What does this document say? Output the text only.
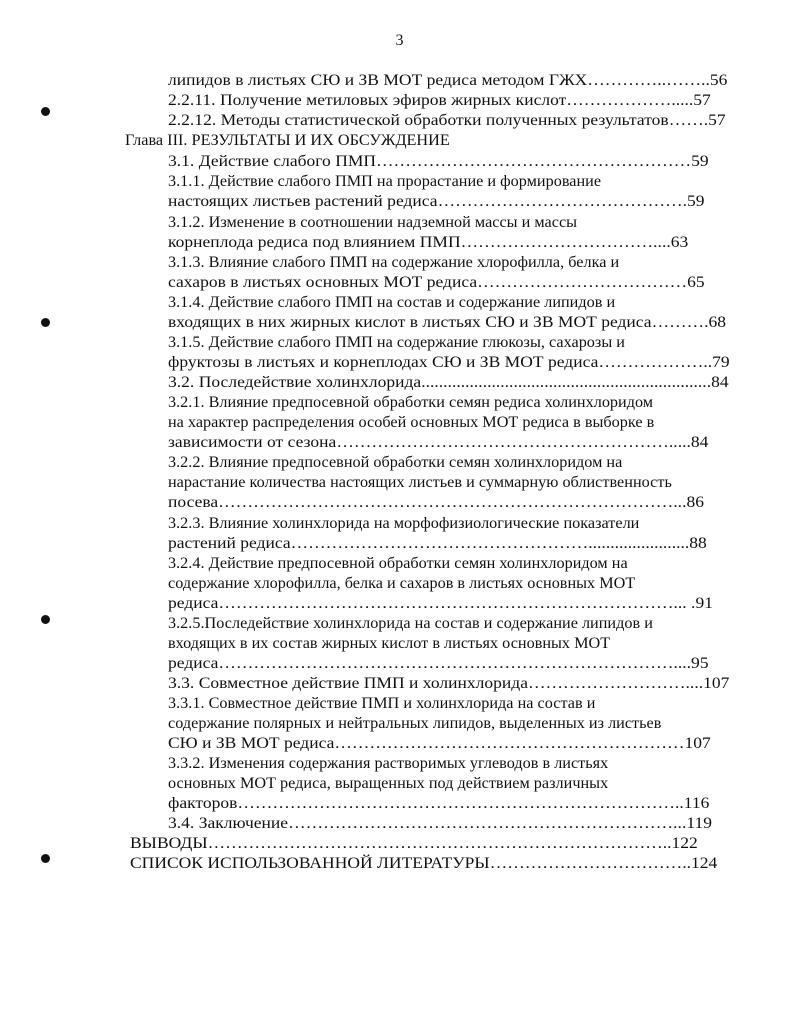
3
липидов в листьях СЮ и ЗВ МОТ редиса методом ГЖХ…………..……..56
2.2.11. Получение метиловых эфиров жирных кислот……………….....57
2.2.12. Методы статистической обработки полученных результатов…….57
Глава III. РЕЗУЛЬТАТЫ И ИХ ОБСУЖДЕНИЕ
3.1. Действие слабого ПМП………………………………………………59
3.1.1. Действие слабого ПМП на прорастание и формирование
настоящих листьев растений редиса…………………………………….59
3.1.2. Изменение в соотношении надземной массы и массы
корнеплода редиса под влиянием ПМП……………………………....63
3.1.3. Влияние слабого ПМП на содержание хлорофилла, белка и
сахаров в листьях основных МОТ редиса………………………………65
3.1.4. Действие слабого ПМП на состав и содержание липидов и
входящих в них жирных кислот в листьях СЮ и ЗВ МОТ редиса……….68
3.1.5. Действие слабого ПМП на содержание глюкозы, сахарозы и
фруктозы в листьях и корнеплодах СЮ и ЗВ МОТ редиса………………..79
3.2. Последействие холинхлорида..................................................................84
3.2.1. Влияние предпосевной обработки семян редиса холинхлоридом
на характер распределения особей основных МОТ редиса в выборке в
зависимости от сезона………………………………………………….....84
3.2.2. Влияние предпосевной обработки семян холинхлоридом на
нарастание количества настоящих листьев и суммарную облиственность
посева……………………………………………………………………...86
3.2.3. Влияние холинхлорида на морфофизиологические показатели
растений редиса…………………………………………….......................88
3.2.4. Действие предпосевной обработки семян холинхлоридом на
содержание хлорофилла, белка и сахаров в листьях основных МОТ
редиса……………………………………………………………………... .91
3.2.5.Последействие холинхлорида на состав и содержание липидов и
входящих в их состав жирных кислот в листьях основных МОТ
редиса……………………………………………………………………....95
3.3. Совместное действие ПМП и холинхлорида………………………....107
3.3.1. Совместное действие ПМП и холинхлорида на состав и
содержание полярных и нейтральных липидов, выделенных из листьев
СЮ и ЗВ МОТ редиса……………………………………………………107
3.3.2. Изменения содержания растворимых углеводов в листьях
основных МОТ редиса, выращенных под действием различных
факторов…………………………………………………………………..116
3.4. Заключение…………………………………………………………...119
ВЫВОДЫ……………………………………………………………………..122
СПИСОК ИСПОЛЬЗОВАННОЙ ЛИТЕРАТУРЫ……………………………..124
